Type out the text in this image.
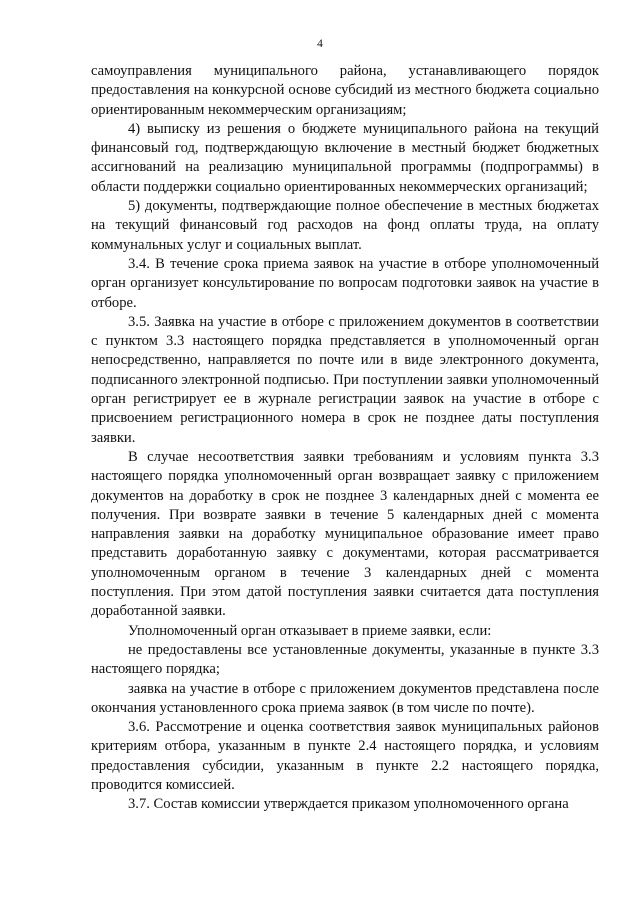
4

самоуправления муниципального района, устанавливающего порядок предоставления на конкурсной основе субсидий из местного бюджета социально ориентированным некоммерческим организациям;

4) выписку из решения о бюджете муниципального района на текущий финансовый год, подтверждающую включение в местный бюджет бюджетных ассигнований на реализацию муниципальной программы (подпрограммы) в области поддержки социально ориентированных некоммерческих организаций;

5) документы, подтверждающие полное обеспечение в местных бюджетах на текущий финансовый год расходов на фонд оплаты труда, на оплату коммунальных услуг и социальных выплат.

3.4. В течение срока приема заявок на участие в отборе уполномоченный орган организует консультирование по вопросам подготовки заявок на участие в отборе.

3.5. Заявка на участие в отборе с приложением документов в соответствии с пунктом 3.3 настоящего порядка представляется в уполномоченный орган непосредственно, направляется по почте или в виде электронного документа, подписанного электронной подписью. При поступлении заявки уполномоченный орган регистрирует ее в журнале регистрации заявок на участие в отборе с присвоением регистрационного номера в срок не позднее даты поступления заявки.

В случае несоответствия заявки требованиям и условиям пункта 3.3 настоящего порядка уполномоченный орган возвращает заявку с приложением документов на доработку в срок не позднее 3 календарных дней с момента ее получения. При возврате заявки в течение 5 календарных дней с момента направления заявки на доработку муниципальное образование имеет право представить доработанную заявку с документами, которая рассматривается уполномоченным органом в течение 3 календарных дней с момента поступления. При этом датой поступления заявки считается дата поступления доработанной заявки.

Уполномоченный орган отказывает в приеме заявки, если:

не предоставлены все установленные документы, указанные в пункте 3.3 настоящего порядка;

заявка на участие в отборе с приложением документов представлена после окончания установленного срока приема заявок (в том числе по почте).

3.6. Рассмотрение и оценка соответствия заявок муниципальных районов критериям отбора, указанным в пункте 2.4 настоящего порядка, и условиям предоставления субсидии, указанным в пункте 2.2 настоящего порядка, проводится комиссией.

3.7. Состав комиссии утверждается приказом уполномоченного органа
